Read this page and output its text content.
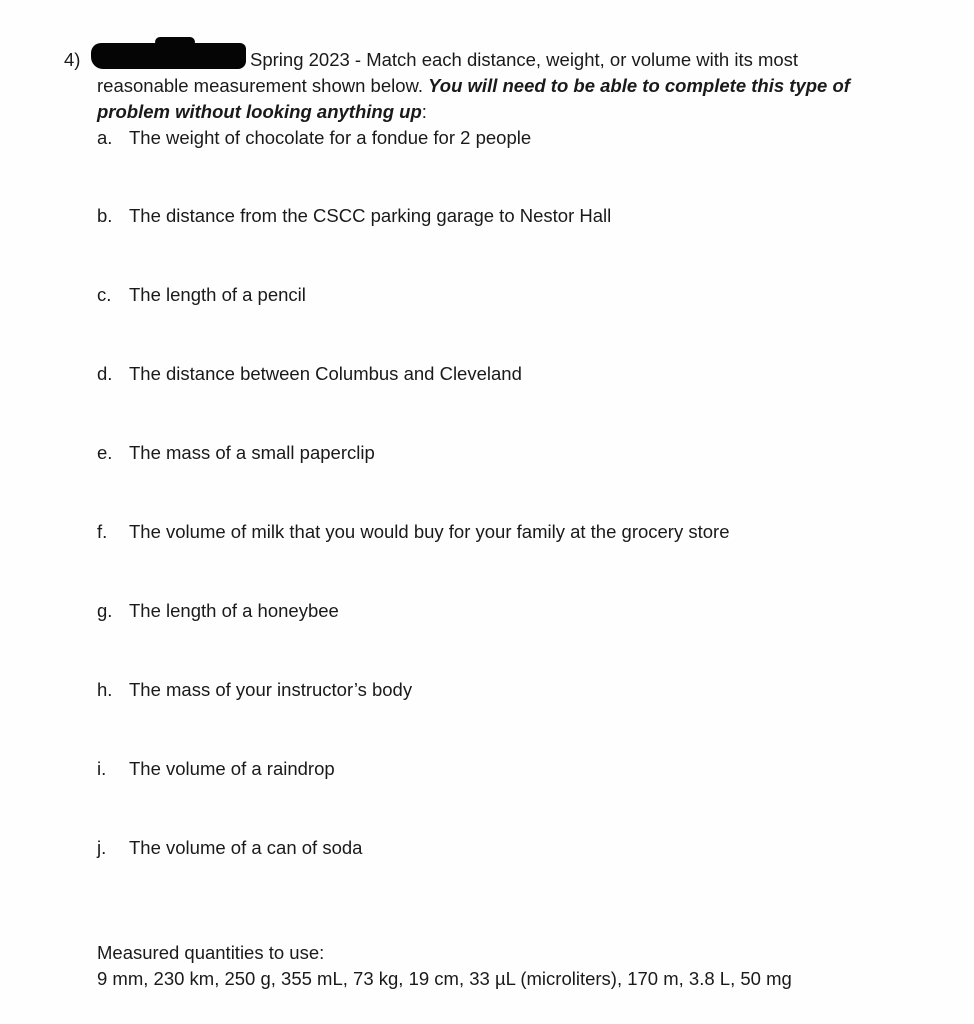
4)	Spring 2023 - Match each distance, weight, or volume with its most
reasonable measurement shown below. You will need to be able to complete this type of
problem without looking anything up:
a. The weight of chocolate for a fondue for 2 people
b. The distance from the CSCC parking garage to Nestor Hall
c. The length of a pencil
d. The distance between Columbus and Cleveland
e. The mass of a small paperclip
f. The volume of milk that you would buy for your family at the grocery store
g. The length of a honeybee
h. The mass of your instructor’s body
i. The volume of a raindrop
j. The volume of a can of soda
Measured quantities to use:
9 mm, 230 km, 250 g, 355 mL, 73 kg, 19 cm, 33 µL (microliters), 170 m, 3.8 L, 50 mg
